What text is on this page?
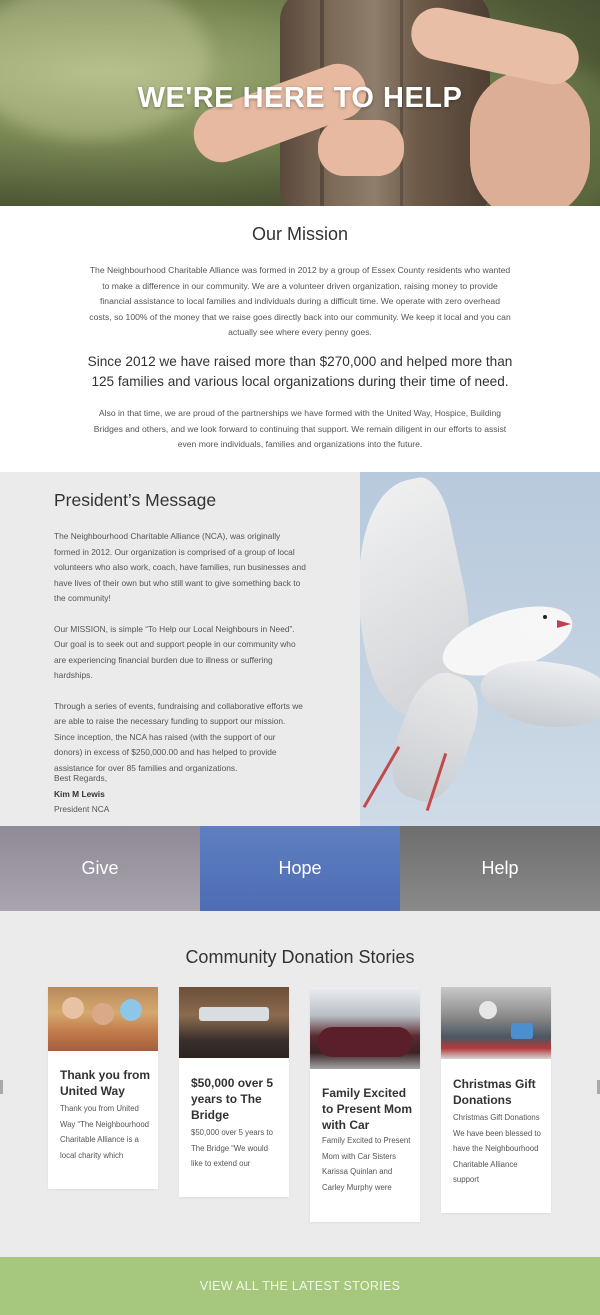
WE'RE HERE TO HELP
Our Mission

The Neighbourhood Charitable Alliance was formed in 2012 by a group of Essex County residents who wanted to make a difference in our community. We are a volunteer driven organization, raising money to provide financial assistance to local families and individuals during a difficult time. We operate with zero overhead costs, so 100% of the money that we raise goes directly back into our community. We keep it local and you can actually see where every penny goes.

Since 2012 we have raised more than $270,000 and helped more than 125 families and various local organizations during their time of need.

Also in that time, we are proud of the partnerships we have formed with the United Way, Hospice, Building Bridges and others, and we look forward to continuing that support. We remain diligent in our efforts to assist even more individuals, families and organizations into the future.

President’s Message

The Neighbourhood Charitable Alliance (NCA), was originally formed in 2012. Our organization is comprised of a group of local volunteers who also work, coach, have families, run businesses and have lives of their own but who still want to give something back to the community!

Our MISSION, is simple “To Help our Local Neighbours in Need”. Our goal is to seek out and support people in our community who are experiencing financial burden due to illness or suffering hardships.

Through a series of events, fundraising and collaborative efforts we are able to raise the necessary funding to support our mission. Since inception, the NCA has raised (with the support of our donors) in excess of $250,000.00 and has helped to provide assistance for over 85 families and organizations.

Best Regards,
Kim M Lewis
President NCA
Give	Hope	Help
Community Donation Stories
Thank you from United Way

Thank you from United Way “The Neighbourhood Charitable Alliance is a local charity which

$50,000 over 5 years to The Bridge

$50,000 over 5 years to The Bridge “We would like to extend our

Family Excited to Present Mom with Car

Family Excited to Present Mom with Car Sisters Karissa Quinlan and Carley Murphy were

Christmas Gift Donations

Christmas Gift Donations We have been blessed to have the Neighbourhood Charitable Alliance support

VIEW ALL THE LATEST STORIES
